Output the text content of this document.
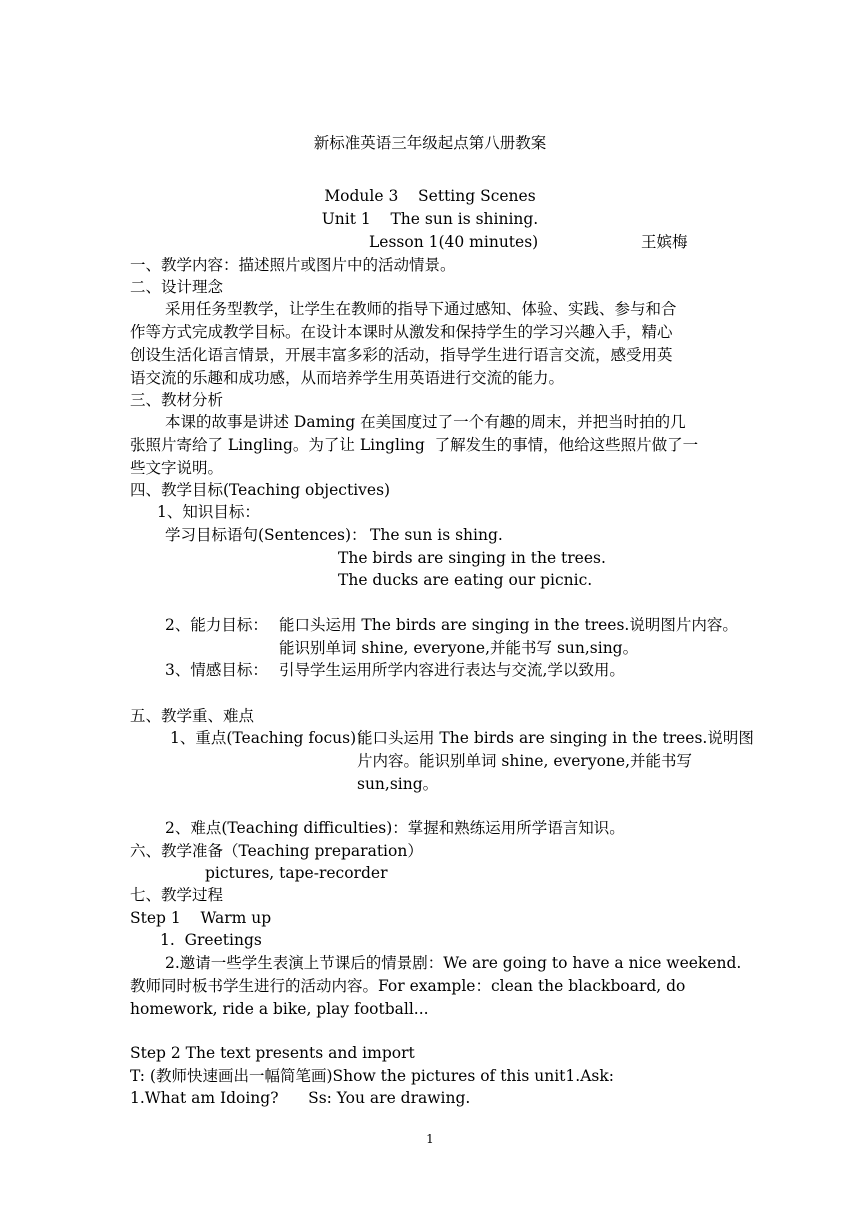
新标准英语三年级起点第八册教案
Module 3    Setting Scenes
Unit 1    The sun is shining.
Lesson 1(40 minutes)	王嫔梅
一、教学内容：描述照片或图片中的活动情景。
二、设计理念
采用任务型教学，让学生在教师的指导下通过感知、体验、实践、参与和合
作等方式完成教学目标。在设计本课时从激发和保持学生的学习兴趣入手，精心
创设生活化语言情景，开展丰富多彩的活动，指导学生进行语言交流，感受用英
语交流的乐趣和成功感，从而培养学生用英语进行交流的能力。
三、教材分析
本课的故事是讲述 Daming 在美国度过了一个有趣的周末，并把当时拍的几
张照片寄给了 Lingling。为了让 Lingling  了解发生的事情，他给这些照片做了一
些文字说明。
四、教学目标(Teaching objectives)
1、知识目标：
学习目标语句(Sentences)： The sun is shing.
The birds are singing in the trees.
The ducks are eating our picnic.
2、能力目标： 能口头运用 The birds are singing in the trees.说明图片内容。
能识别单词 shine, everyone,并能书写 sun,sing。
3、情感目标： 引导学生运用所学内容进行表达与交流,学以致用。
五、教学重、难点
1、重点(Teaching focus)：
能口头运用 The birds are singing in the trees.说明图
片内容。能识别单词 shine, everyone,并能书写
sun,sing。
2、难点(Teaching difficulties)：掌握和熟练运用所学语言知识。
六、教学准备（Teaching preparation）
pictures, tape-recorder
七、教学过程
Step 1    Warm up
1.  Greetings
2.邀请一些学生表演上节课后的情景剧：We are going to have a nice weekend.
教师同时板书学生进行的活动内容。For example：clean the blackboard, do
homework, ride a bike, play football...
Step 2 The text presents and import
T: (教师快速画出一幅简笔画)Show the pictures of this unit1.Ask:
1.What am Idoing?      Ss: You are drawing.
1
